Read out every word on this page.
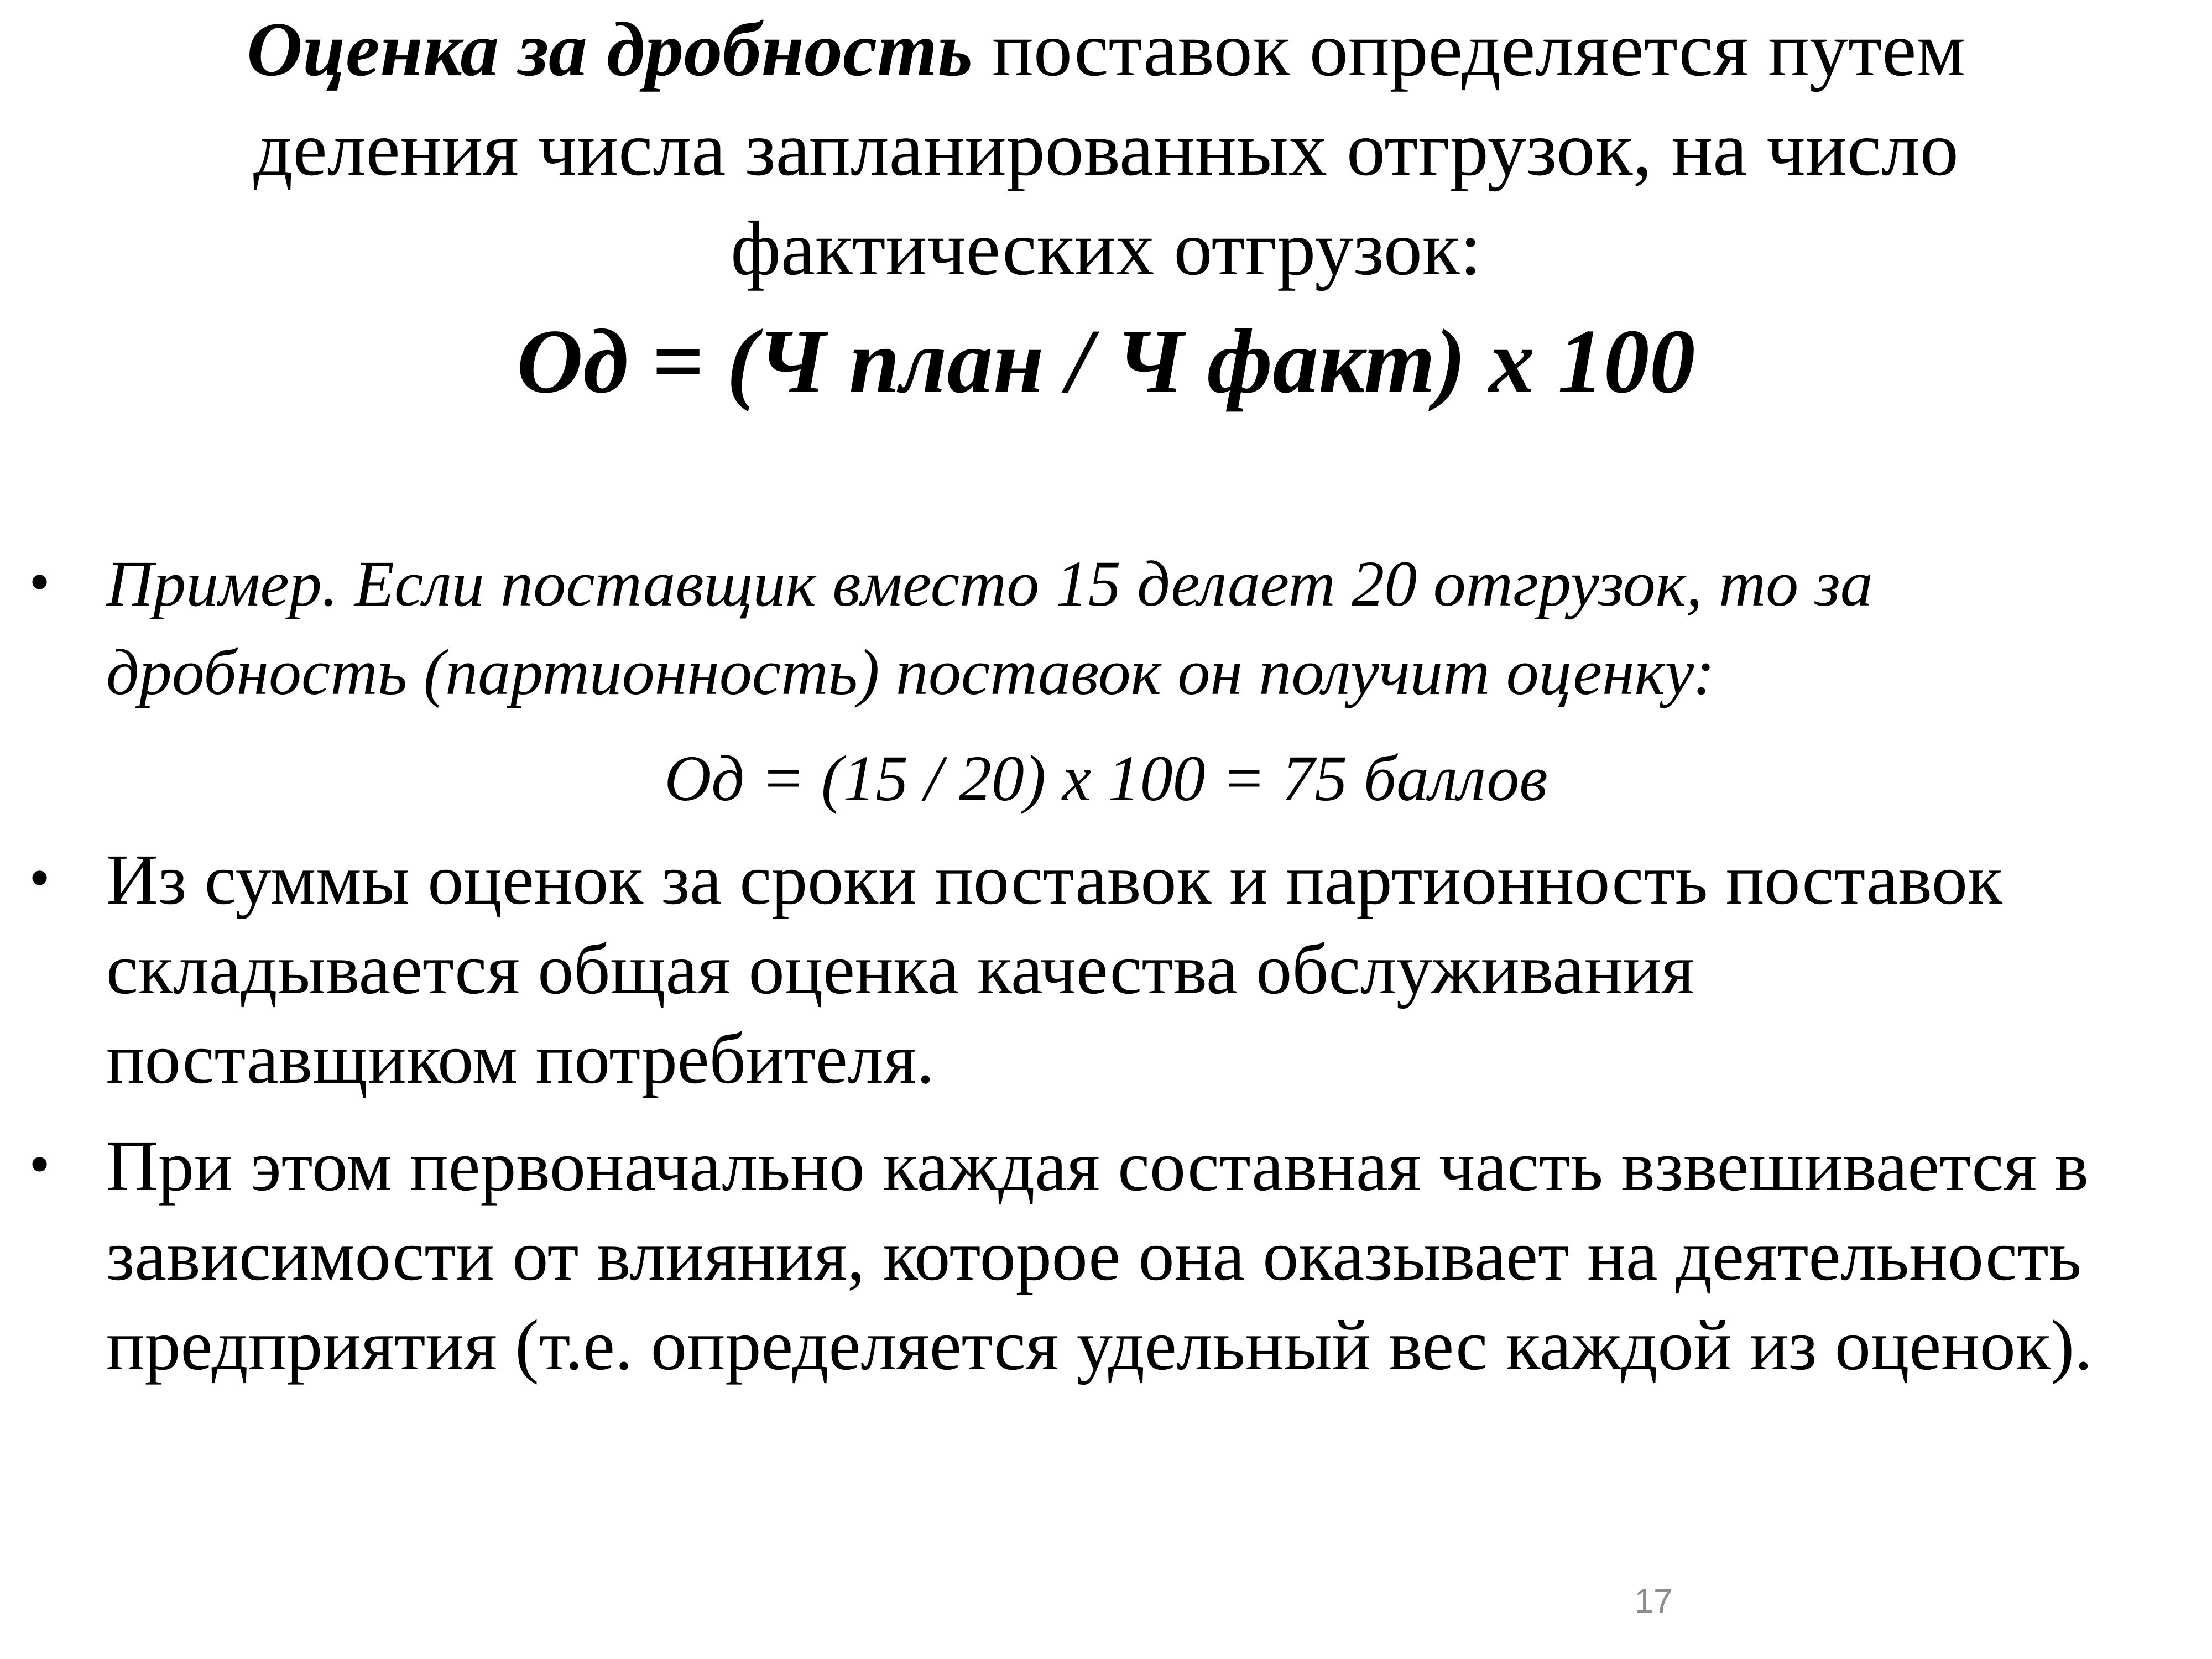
Оценка за дробность поставок определяется путем
деления числа запланированных отгрузок, на число
фактических отгрузок:
Од = (Ч план / Ч факт) х 100
• Пример. Если поставщик вместо 15 делает 20 отгрузок, то за
дробность (партионность) поставок он получит оценку:
Од = (15 / 20) х 100 = 75 баллов
• Из суммы оценок за сроки поставок и партионность поставок
складывается общая оценка качества обслуживания
поставщиком потребителя.
• При этом первоначально каждая составная часть взвешивается в
зависимости от влияния, которое она оказывает на деятельность
предприятия (т.е. определяется удельный вес каждой из оценок).
17
